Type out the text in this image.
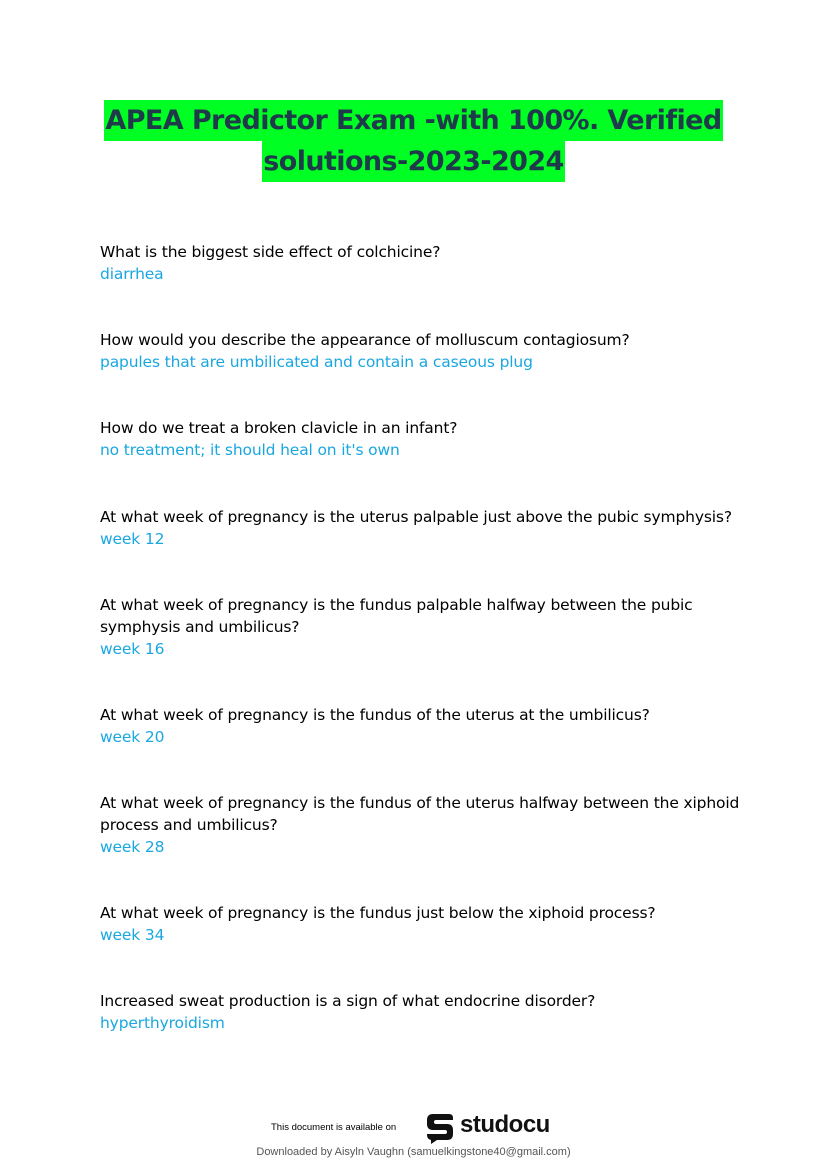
APEA Predictor Exam -with 100%. Verified
solutions-2023-2024
What is the biggest side effect of colchicine?
diarrhea
How would you describe the appearance of molluscum contagiosum?
papules that are umbilicated and contain a caseous plug
How do we treat a broken clavicle in an infant?
no treatment; it should heal on it's own
At what week of pregnancy is the uterus palpable just above the pubic symphysis?
week 12
At what week of pregnancy is the fundus palpable halfway between the pubic symphysis and umbilicus?
week 16
At what week of pregnancy is the fundus of the uterus at the umbilicus?
week 20
At what week of pregnancy is the fundus of the uterus halfway between the xiphoid process and umbilicus?
week 28
At what week of pregnancy is the fundus just below the xiphoid process?
week 34
Increased sweat production is a sign of what endocrine disorder?
hyperthyroidism
This document is available on	studocu
Downloaded by Aisyln Vaughn (samuelkingstone40@gmail.com)
